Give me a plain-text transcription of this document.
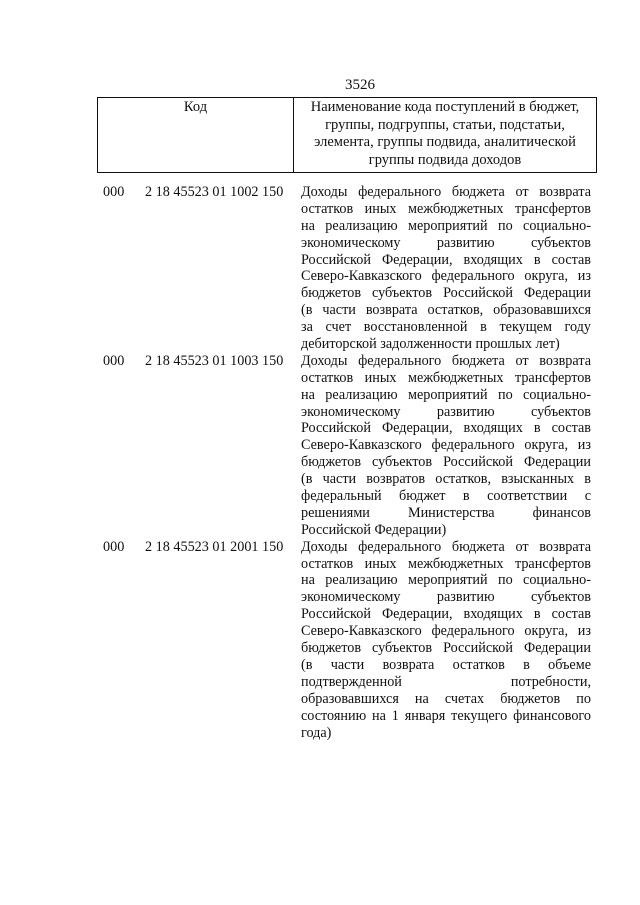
3526
Код	Наименование кода поступлений в бюджет,
группы, подгруппы, статьи, подстатьи,
элемента, группы подвида, аналитической
группы подвида доходов
000 2 18 45523 01 1002 150 Доходы федерального бюджета от возврата
остатков иных межбюджетных трансфертов
на реализацию мероприятий по социально-
экономическому развитию субъектов
Российской Федерации, входящих в состав
Северо-Кавказского федерального округа, из
бюджетов субъектов Российской Федерации
(в части возврата остатков, образовавшихся
за счет восстановленной в текущем году
дебиторской задолженности прошлых лет)
000 2 18 45523 01 1003 150 Доходы федерального бюджета от возврата
остатков иных межбюджетных трансфертов
на реализацию мероприятий по социально-
экономическому развитию субъектов
Российской Федерации, входящих в состав
Северо-Кавказского федерального округа, из
бюджетов субъектов Российской Федерации
(в части возвратов остатков, взысканных в
федеральный бюджет в соответствии с
решениями Министерства финансов
Российской Федерации)
000 2 18 45523 01 2001 150 Доходы федерального бюджета от возврата
остатков иных межбюджетных трансфертов
на реализацию мероприятий по социально-
экономическому развитию субъектов
Российской Федерации, входящих в состав
Северо-Кавказского федерального округа, из
бюджетов субъектов Российской Федерации
(в части возврата остатков в объеме
подтвержденной потребности,
образовавшихся на счетах бюджетов по
состоянию на 1 января текущего финансового
года)
